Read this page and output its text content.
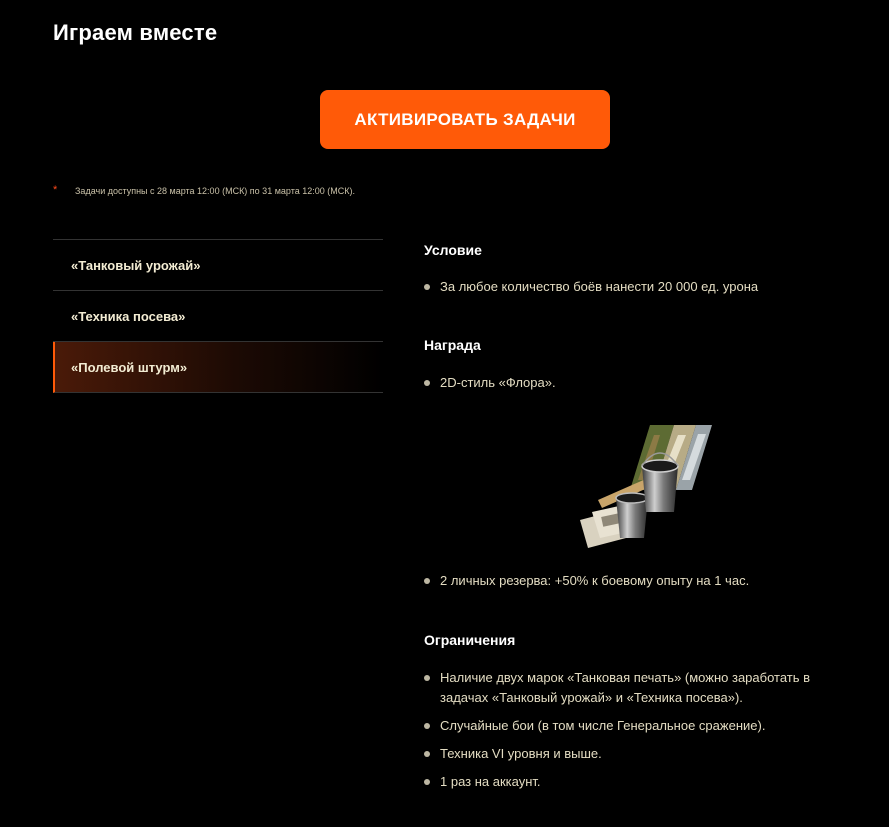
Играем вместе
АКТИВИРОВАТЬ ЗАДАЧИ
*	Задачи доступны с 28 марта 12:00 (МСК) по 31 марта 12:00 (МСК).
«Танковый урожай»
«Техника посева»
«Полевой штурм»
Условие
За любое количество боёв нанести 20 000 ед. урона
Награда
2D-стиль «Флора».
2 личных резерва: +50% к боевому опыту на 1 час.
Ограничения
Наличие двух марок «Танковая печать» (можно заработать в задачах «Танковый урожай» и «Техника посева»).
Случайные бои (в том числе Генеральное сражение).
Техника VI уровня и выше.
1 раз на аккаунт.
